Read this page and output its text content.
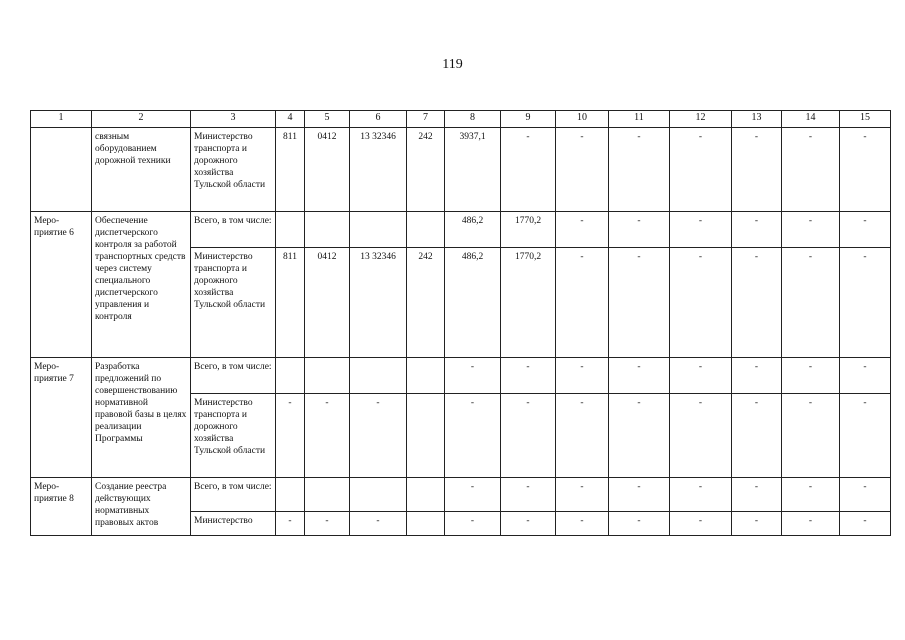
119
1	2	3	4	5	6	7	8	9	10	11	12	13	14	15
	связным оборудованием дорожной техники	Министерство транспорта и дорожного хозяйства Тульской области	811	0412	13 32346	242	3937,1	-	-	-	-	-	-	-
Меро-приятие 6	Обеспечение диспетчерского контроля за работой транспортных средств через систему специального диспетчерского управления и контроля	Всего, в том числе:					486,2	1770,2	-	-	-	-	-	-
		Министерство транспорта и дорожного хозяйства Тульской области	811	0412	13 32346	242	486,2	1770,2	-	-	-	-	-	-
Меро-приятие 7	Разработка предложений по совершенствованию нормативной правовой базы в целях реализации Программы	Всего, в том числе:					-	-	-	-	-	-	-	-
		Министерство транспорта и дорожного хозяйства Тульской области	-	-	-		-	-	-	-	-	-	-	-
Меро-приятие 8	Создание реестра действующих нормативных правовых актов	Всего, в том числе:					-	-	-	-	-	-	-	-
		Министерство	-	-	-		-	-	-	-	-	-	-	-
